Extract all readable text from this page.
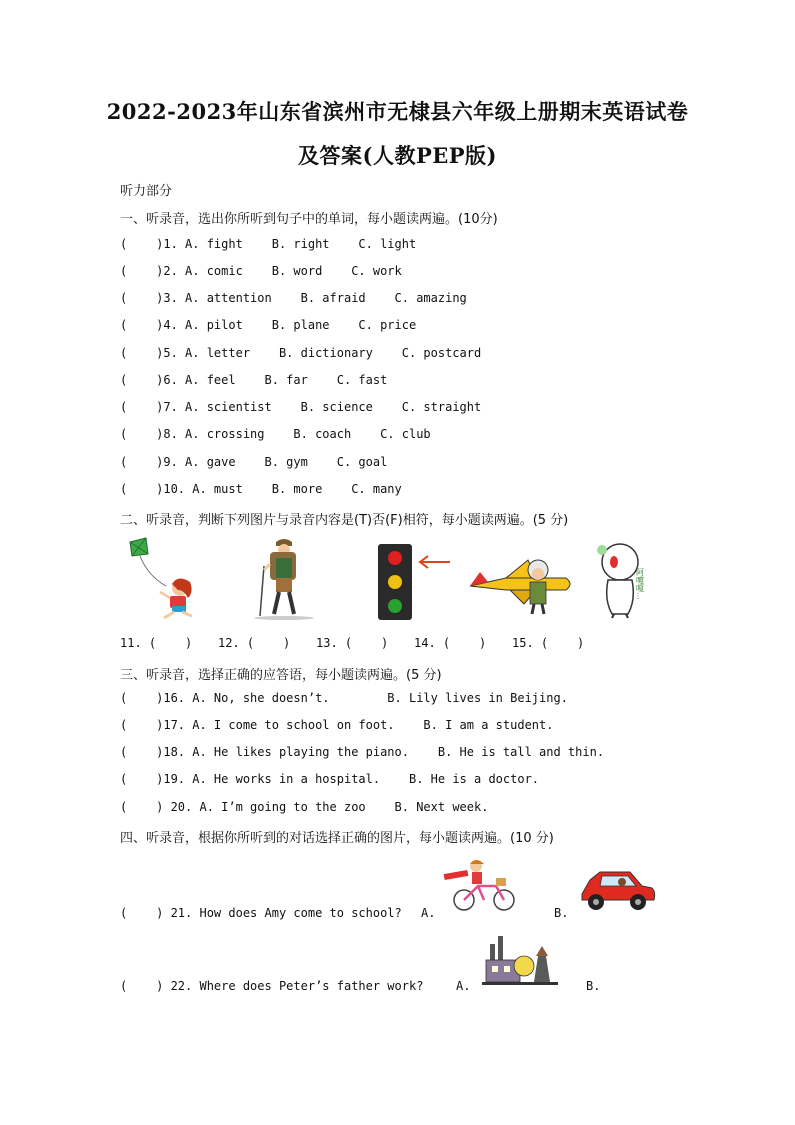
2022-2023年山东省滨州市无棣县六年级上册期末英语试卷
及答案(人教PEP版)
听力部分
一、听录音，选出你所听到句子中的单词，每小题读两遍。(10分)
(    )1. A. fight    B. right    C. light
(    )2. A. comic    B. word    C. work
(    )3. A. attention    B. afraid    C. amazing
(    )4. A. pilot    B. plane    C. price
(    )5. A. letter    B. dictionary    C. postcard
(    )6. A. feel    B. far    C. fast
(    )7. A. scientist    B. science    C. straight
(    )8. A. crossing    B. coach    C. club
(    )9. A. gave    B. gym    C. goal
(    )10. A. must    B. more    C. many
二、听录音，判断下列图片与录音内容是(T)否(F)相符，每小题读两遍。(5 分)
阿嚏嗄...
11. (    ) 12. (    ) 13. (    ) 14. (    ) 15. (    )
三、听录音，选择正确的应答语，每小题读两遍。(5 分)
(    )16. A. No, she doesn’t.        B. Lily lives in Beijing.
(    )17. A. I come to school on foot.    B. I am a student.
(    )18. A. He likes playing the piano.    B. He is tall and thin.
(    )19. A. He works in a hospital.    B. He is a doctor.
(    ) 20. A. I’m going to the zoo    B. Next week.
四、听录音，根据你所听到的对话选择正确的图片，每小题读两遍。(10 分)
(    ) 21. How does Amy come to school? A.	B.
(    ) 22. Where does Peter’s father work?	A.	B.
